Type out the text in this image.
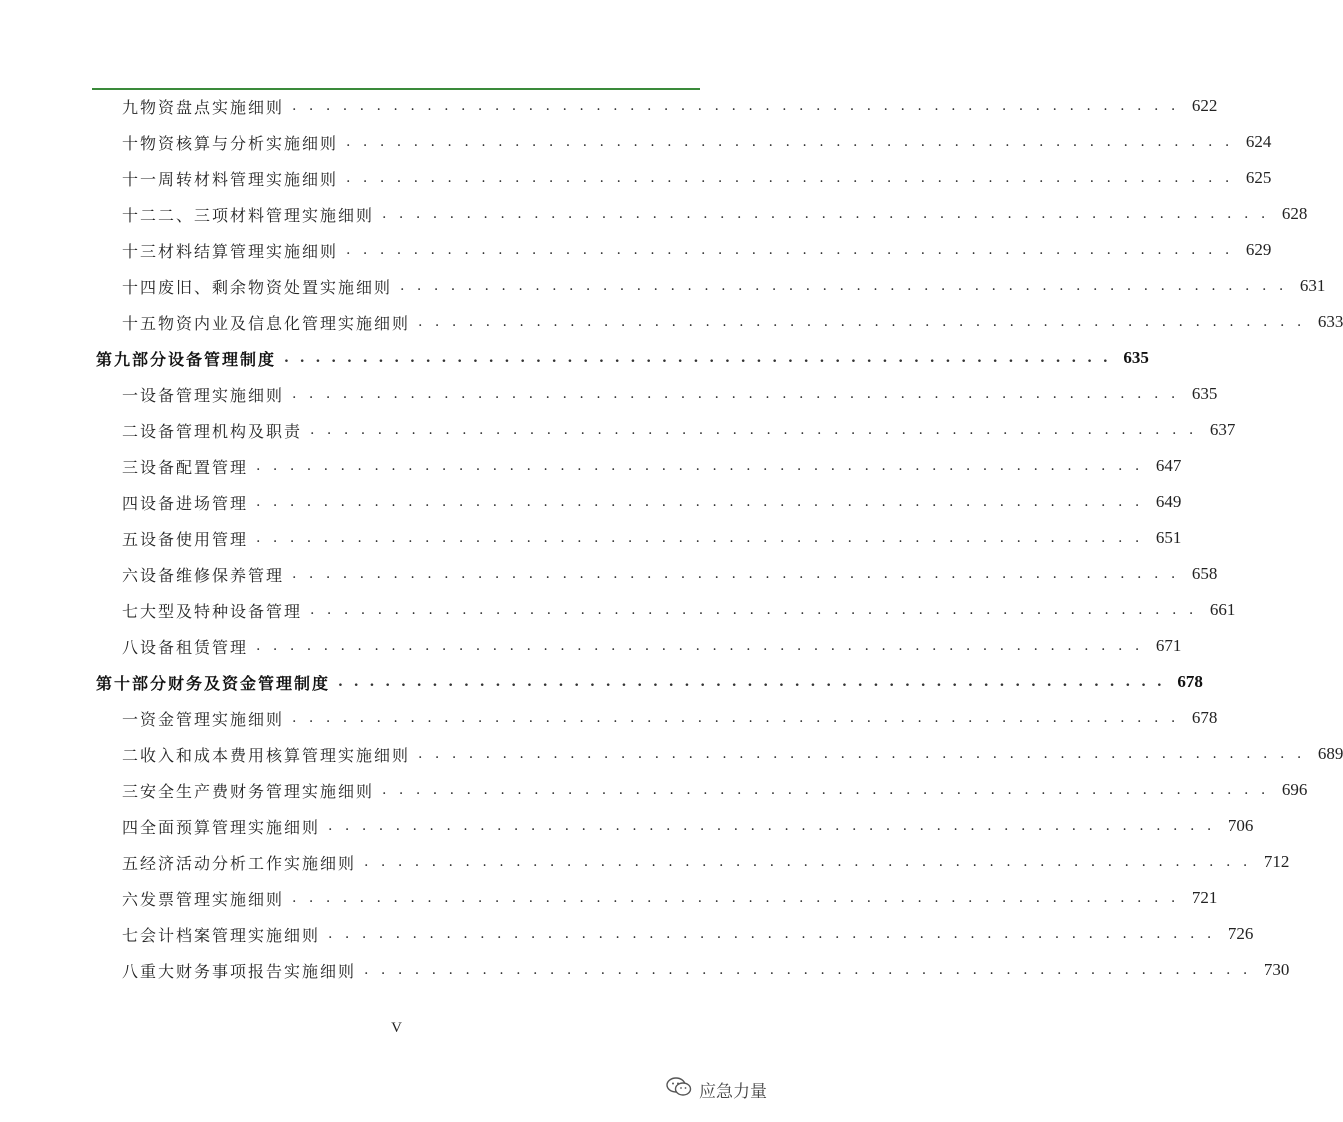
九 物资盘点实施细则 . . . . . . . . . . . . . . . . . . . . . . . . . . . . . . . . . . . . . . . . . . . . . . . . . . . . . 622
十 物资核算与分析实施细则 . . . . . . . . . . . . . . . . . . . . . . . . . . . . . . . . . . . . . . . . . . . . . . . . . . . . . 624
十一 周转材料管理实施细则 . . . . . . . . . . . . . . . . . . . . . . . . . . . . . . . . . . . . . . . . . . . . . . . . . . . . . 625
十二 二、三项材料管理实施细则 . . . . . . . . . . . . . . . . . . . . . . . . . . . . . . . . . . . . . . . . . . . . . . . . . . . . . 628
十三 材料结算管理实施细则 . . . . . . . . . . . . . . . . . . . . . . . . . . . . . . . . . . . . . . . . . . . . . . . . . . . . . 629
十四 废旧、剩余物资处置实施细则 . . . . . . . . . . . . . . . . . . . . . . . . . . . . . . . . . . . . . . . . . . . . . . . . . . . . . 631
十五 物资内业及信息化管理实施细则 . . . . . . . . . . . . . . . . . . . . . . . . . . . . . . . . . . . . . . . . . . . . . . . . . . . . . 633
第九部分 设备管理制度 . . . . . . . . . . . . . . . . . . . . . . . . . . . . . . . . . . . . . . . . . . . . . . . . . . . . . 635
一 设备管理实施细则 . . . . . . . . . . . . . . . . . . . . . . . . . . . . . . . . . . . . . . . . . . . . . . . . . . . . . 635
二 设备管理机构及职责 . . . . . . . . . . . . . . . . . . . . . . . . . . . . . . . . . . . . . . . . . . . . . . . . . . . . . 637
三 设备配置管理 . . . . . . . . . . . . . . . . . . . . . . . . . . . . . . . . . . . . . . . . . . . . . . . . . . . . . 647
四 设备进场管理 . . . . . . . . . . . . . . . . . . . . . . . . . . . . . . . . . . . . . . . . . . . . . . . . . . . . . 649
五 设备使用管理 . . . . . . . . . . . . . . . . . . . . . . . . . . . . . . . . . . . . . . . . . . . . . . . . . . . . . 651
六 设备维修保养管理 . . . . . . . . . . . . . . . . . . . . . . . . . . . . . . . . . . . . . . . . . . . . . . . . . . . . . 658
七 大型及特种设备管理 . . . . . . . . . . . . . . . . . . . . . . . . . . . . . . . . . . . . . . . . . . . . . . . . . . . . . 661
八 设备租赁管理 . . . . . . . . . . . . . . . . . . . . . . . . . . . . . . . . . . . . . . . . . . . . . . . . . . . . . 671
第十部分 财务及资金管理制度 . . . . . . . . . . . . . . . . . . . . . . . . . . . . . . . . . . . . . . . . . . . . . . . . . . . . . 678
一 资金管理实施细则 . . . . . . . . . . . . . . . . . . . . . . . . . . . . . . . . . . . . . . . . . . . . . . . . . . . . . 678
二 收入和成本费用核算管理实施细则 . . . . . . . . . . . . . . . . . . . . . . . . . . . . . . . . . . . . . . . . . . . . . . . . . . . . . 689
三 安全生产费财务管理实施细则 . . . . . . . . . . . . . . . . . . . . . . . . . . . . . . . . . . . . . . . . . . . . . . . . . . . . . 696
四 全面预算管理实施细则 . . . . . . . . . . . . . . . . . . . . . . . . . . . . . . . . . . . . . . . . . . . . . . . . . . . . . 706
五 经济活动分析工作实施细则 . . . . . . . . . . . . . . . . . . . . . . . . . . . . . . . . . . . . . . . . . . . . . . . . . . . . . 712
六 发票管理实施细则 . . . . . . . . . . . . . . . . . . . . . . . . . . . . . . . . . . . . . . . . . . . . . . . . . . . . . 721
七 会计档案管理实施细则 . . . . . . . . . . . . . . . . . . . . . . . . . . . . . . . . . . . . . . . . . . . . . . . . . . . . . 726
八 重大财务事项报告实施细则 . . . . . . . . . . . . . . . . . . . . . . . . . . . . . . . . . . . . . . . . . . . . . . . . . . . . . 730
V
应急力量
